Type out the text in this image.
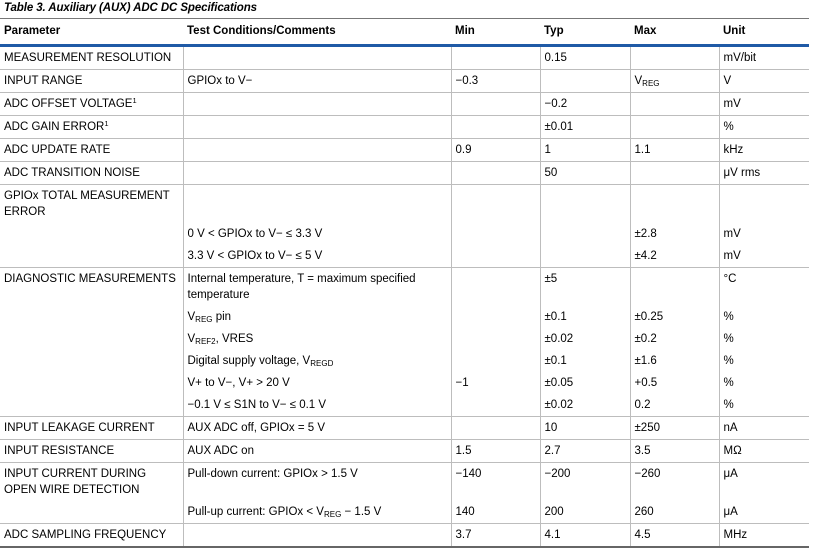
Table 3. Auxiliary (AUX) ADC DC Specifications
Parameter	Test Conditions/Comments	Min	Typ	Max	Unit
MEASUREMENT RESOLUTION			0.15		mV/bit
INPUT RANGE	GPIOx to V−	−0.3		$V_{REG}$	V
ADC OFFSET VOLTAGE$^1$			−0.2		mV
ADC GAIN ERROR$^1$			±0.01		%
ADC UPDATE RATE		0.9	1	1.1	kHz
ADC TRANSITION NOISE			50		μV rms
GPIOx TOTAL MEASUREMENT ERROR					
	0 V < GPIOx to V− ≤ 3.3 V			±2.8	mV
	3.3 V < GPIOx to V− ≤ 5 V			±4.2	mV
DIAGNOSTIC MEASUREMENTS	Internal temperature, T = maximum specified temperature		±5		°C
	$V_{REG}$ pin		±0.1	±0.25	%
	$V_{REF2}$, VRES		±0.02	±0.2	%
	Digital supply voltage, $V_{REGD}$		±0.1	±1.6	%
	V+ to V−, V+ > 20 V	−1	±0.05	+0.5	%
	−0.1 V ≤ S1N to V− ≤ 0.1 V		±0.02	0.2	%
INPUT LEAKAGE CURRENT	AUX ADC off, GPIOx = 5 V		10	±250	nA
INPUT RESISTANCE	AUX ADC on	1.5	2.7	3.5	MΩ
INPUT CURRENT DURING OPEN WIRE DETECTION	Pull-down current: GPIOx > 1.5 V	−140	−200	−260	μA
	Pull-up current: GPIOx < $V_{REG} - 1.5$ V	140	200	260	μA
ADC SAMPLING FREQUENCY		3.7	4.1	4.5	MHz
